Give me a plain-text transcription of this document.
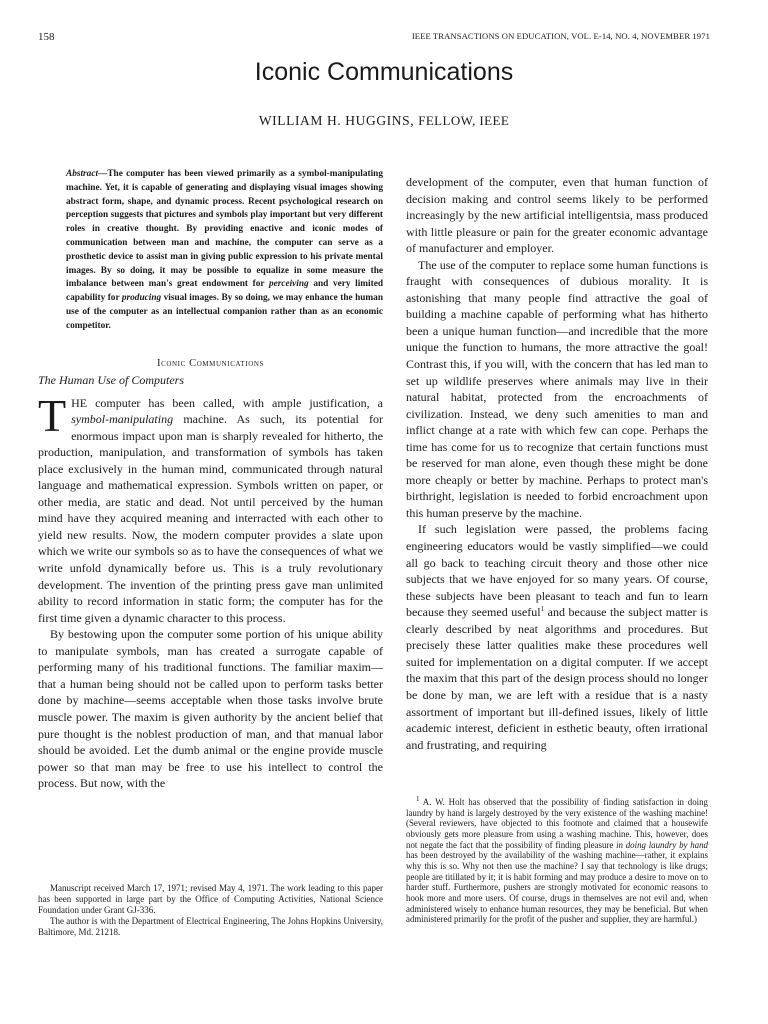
158	IEEE TRANSACTIONS ON EDUCATION, VOL. E-14, NO. 4, NOVEMBER 1971
Iconic Communications
WILLIAM H. HUGGINS, FELLOW, IEEE

Abstract—The computer has been viewed primarily as a symbol-manipulating machine. Yet, it is capable of generating and displaying visual images showing abstract form, shape, and dynamic process. Recent psychological research on perception suggests that pictures and symbols play important but very different roles in creative thought. By providing enactive and iconic modes of communication between man and machine, the computer can serve as a prosthetic device to assist man in giving public expression to his private mental images. By so doing, it may be possible to equalize in some measure the imbalance between man's great endowment for perceiving and very limited capability for producing visual images. By so doing, we may enhance the human use of the computer as an intellectual companion rather than as an economic competitor.

Iconic Communications
The Human Use of Computers

THE computer has been called, with ample justification, a symbol-manipulating machine. As such, its potential for enormous impact upon man is sharply revealed for hitherto, the production, manipulation, and transformation of symbols has taken place exclusively in the human mind, communicated through natural language and mathematical expression. Symbols written on paper, or other media, are static and dead. Not until perceived by the human mind have they acquired meaning and interracted with each other to yield new results. Now, the modern computer provides a slate upon which we write our symbols so as to have the consequences of what we write unfold dynamically before us. This is a truly revolutionary development. The invention of the printing press gave man unlimited ability to record information in static form; the computer has for the first time given a dynamic character to this process.

By bestowing upon the computer some portion of his unique ability to manipulate symbols, man has created a surrogate capable of performing many of his traditional functions. The familiar maxim—that a human being should not be called upon to perform tasks better done by machine—seems acceptable when those tasks involve brute muscle power. The maxim is given authority by the ancient belief that pure thought is the noblest production of man, and that manual labor should be avoided. Let the dumb animal or the engine provide muscle power so that man may be free to use his intellect to control the process. But now, with the

Manuscript received March 17, 1971; revised May 4, 1971. The work leading to this paper has been supported in large part by the Office of Computing Activities, National Science Foundation under Grant GJ-336.

The author is with the Department of Electrical Engineering, The Johns Hopkins University, Baltimore, Md. 21218.

development of the computer, even that human function of decision making and control seems likely to be performed increasingly by the new artificial intelligentsia, mass produced with little pleasure or pain for the greater economic advantage of manufacturer and employer.

The use of the computer to replace some human functions is fraught with consequences of dubious morality. It is astonishing that many people find attractive the goal of building a machine capable of performing what has hitherto been a unique human function—and incredible that the more unique the function to humans, the more attractive the goal! Contrast this, if you will, with the concern that has led man to set up wildlife preserves where animals may live in their natural habitat, protected from the encroachments of civilization. Instead, we deny such amenities to man and inflict change at a rate with which few can cope. Perhaps the time has come for us to recognize that certain functions must be reserved for man alone, even though these might be done more cheaply or better by machine. Perhaps to protect man's birthright, legislation is needed to forbid encroachment upon this human preserve by the machine.

If such legislation were passed, the problems facing engineering educators would be vastly simplified—we could all go back to teaching circuit theory and those other nice subjects that we have enjoyed for so many years. Of course, these subjects have been pleasant to teach and fun to learn because they seemed useful$^1$ and because the subject matter is clearly described by neat algorithms and procedures. But precisely these latter qualities make these procedures well suited for implementation on a digital computer. If we accept the maxim that this part of the design process should no longer be done by man, we are left with a residue that is a nasty assortment of important but ill-defined issues, likely of little academic interest, deficient in esthetic beauty, often irrational and frustrating, and requiring

$^1$ A. W. Holt has observed that the possibility of finding satisfaction in doing laundry by hand is largely destroyed by the very existence of the washing machine! (Several reviewers, have objected to this footnote and claimed that a housewife obviously gets more pleasure from using a washing machine. This, however, does not negate the fact that the possibility of finding pleasure in doing laundry by hand has been destroyed by the availability of the washing machine—rather, it explains why this is so. Why not then use the machine? I say that technology is like drugs; people are titillated by it; it is habit forming and may produce a desire to move on to harder stuff. Furthermore, pushers are strongly motivated for economic reasons to hook more and more users. Of course, drugs in themselves are not evil and, when administered wisely to enhance human resources, they may be beneficial. But when administered primarily for the profit of the pusher and supplier, they are harmful.)
